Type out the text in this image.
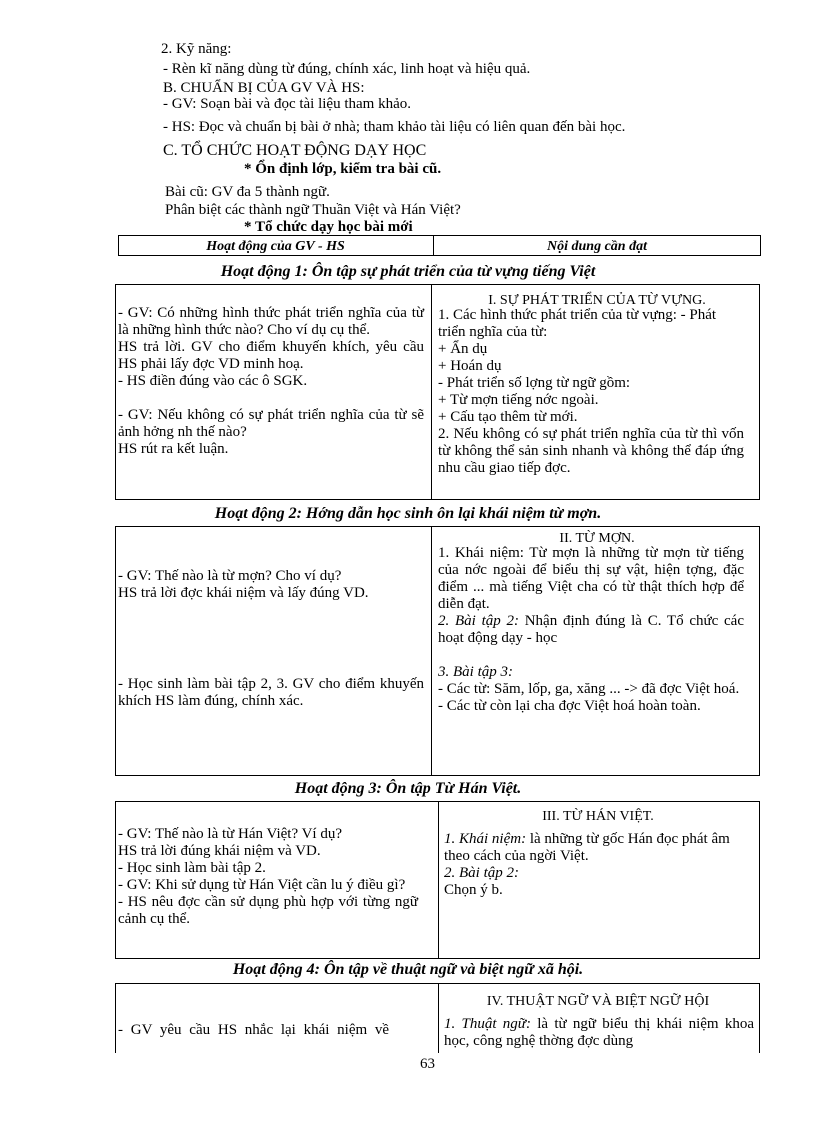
2. Kỹ năng:
- Rèn kĩ năng dùng từ đúng, chính xác, linh hoạt và hiệu quả.
B. CHUẨN BỊ CỦA GV VÀ HS:
- GV: Soạn bài và đọc tài liệu tham khảo.
- HS: Đọc và chuẩn bị bài ở nhà; tham khảo tài liệu có liên quan đến bài học.
C. TỔ CHỨC HOẠT ĐỘNG DẠY HỌC
* Ổn định lớp, kiểm tra bài cũ.
Bài cũ: GV đa 5 thành ngữ.
Phân biệt các thành ngữ Thuần Việt và Hán Việt?
* Tổ chức dạy học bài mới
Hoạt động của GV - HS	Nội dung cần đạt
Hoạt động 1: Ôn tập sự phát triển của từ vựng tiếng Việt

- GV: Có những hình thức phát triển nghĩa của từ là những hình thức nào? Cho ví dụ cụ thể.

HS trả lời. GV cho điểm khuyến khích, yêu cầu HS phải lấy đợc VD minh hoạ.

- HS điền đúng vào các ô SGK.

- GV: Nếu không có sự phát triển nghĩa của từ sẽ ảnh hởng nh thế nào?

HS rút ra kết luận.

I. SỰ PHÁT TRIỂN CỦA TỪ VỰNG.

1. Các hình thức phát triển của từ vựng: - Phát triển nghĩa của từ:

+ Ẩn dụ

+ Hoán dụ

- Phát triển số lợng từ ngữ gồm:

+ Từ mợn tiếng nớc ngoài.

+ Cấu tạo thêm từ mới.

2. Nếu không có sự phát triển nghĩa của từ thì vốn từ không thể sản sinh nhanh và không thể đáp ứng nhu cầu giao tiếp đợc.

Hoạt động 2: Hớng dẫn học sinh ôn lại khái niệm từ mợn.

- GV: Thế nào là từ mợn? Cho ví dụ?

HS trả lời đợc khái niệm và lấy đúng VD.

- Học sinh làm bài tập 2, 3. GV cho điểm khuyến khích HS làm đúng, chính xác.

II. TỪ MỢN.

1. Khái niệm: Từ mợn là những từ mợn từ tiếng của nớc ngoài để biểu thị sự vật, hiện tợng, đặc điểm ... mà tiếng Việt cha có từ thật thích hợp để diễn đạt.

2. Bài tập 2: Nhận định đúng là C. Tổ chức các hoạt động dạy - học

3. Bài tập 3:

- Các từ: Săm, lốp, ga, xăng ... -> đã đợc Việt hoá.

- Các từ còn lại cha đợc Việt hoá hoàn toàn.

Hoạt động 3: Ôn tập Từ Hán Việt.

- GV: Thế nào là từ Hán Việt? Ví dụ?

HS trả lời đúng khái niệm và VD.

- Học sinh làm bài tập 2.

- GV: Khi sử dụng từ Hán Việt cần lu ý điều gì?

- HS nêu đợc cần sử dụng phù hợp với từng ngữ cảnh cụ thể.

III. TỪ HÁN VIỆT.

1. Khái niệm: là những từ gốc Hán đọc phát âm theo cách của ngời Việt.

2. Bài tập 2:

Chọn ý b.

Hoạt động 4: Ôn tập về thuật ngữ và biệt ngữ xã hội.

- GV yêu cầu HS nhắc lại khái niệm về

IV. THUẬT NGỮ VÀ BIỆT NGỮ HỘI

1. Thuật ngữ: là từ ngữ biểu thị khái niệm khoa học, công nghệ thờng đợc dùng

63
